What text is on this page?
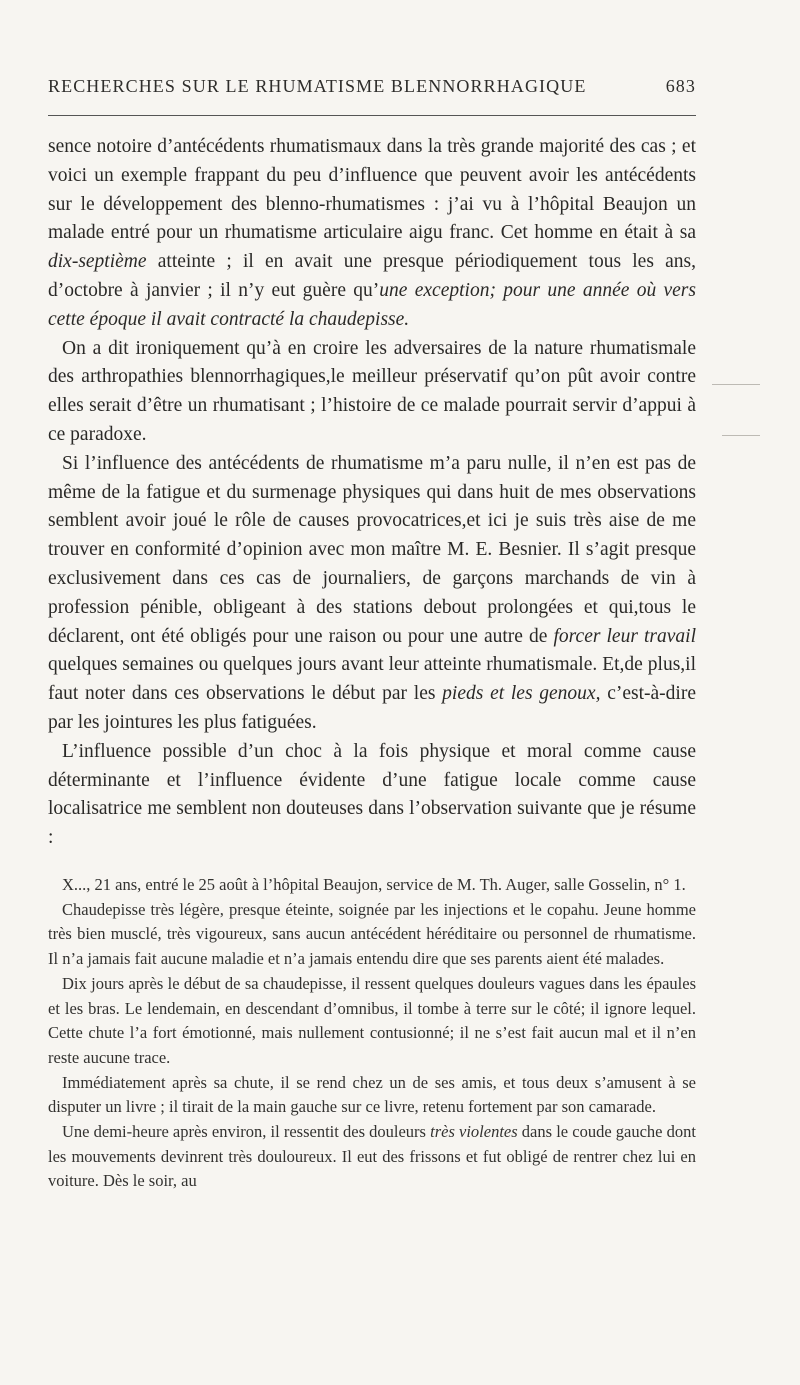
RECHERCHES SUR LE RHUMATISME BLENNORRHAGIQUE	683

sence notoire d’antécédents rhumatismaux dans la très grande majorité des cas ; et voici un exemple frappant du peu d’influence que peuvent avoir les antécédents sur le développement des blenno-rhumatismes : j’ai vu à l’hôpital Beaujon un malade entré pour un rhumatisme articulaire aigu franc. Cet homme en était à sa dix-septième atteinte ; il en avait une presque périodiquement tous les ans, d’octobre à janvier ; il n’y eut guère qu’une exception; pour une année où vers cette époque il avait contracté la chaudepisse.

On a dit ironiquement qu’à en croire les adversaires de la nature rhumatismale des arthropathies blennorrhagiques,le meilleur préservatif qu’on pût avoir contre elles serait d’être un rhumatisant ; l’histoire de ce malade pourrait servir d’appui à ce paradoxe.

Si l’influence des antécédents de rhumatisme m’a paru nulle, il n’en est pas de même de la fatigue et du surmenage physiques qui dans huit de mes observations semblent avoir joué le rôle de causes provocatrices,et ici je suis très aise de me trouver en conformité d’opinion avec mon maître M. E. Besnier. Il s’agit presque exclusivement dans ces cas de journaliers, de garçons marchands de vin à profession pénible, obligeant à des stations debout prolongées et qui,tous le déclarent, ont été obligés pour une raison ou pour une autre de forcer leur travail quelques semaines ou quelques jours avant leur atteinte rhumatismale. Et,de plus,il faut noter dans ces observations le début par les pieds et les genoux, c’est-à-dire par les jointures les plus fatiguées.

L’influence possible d’un choc à la fois physique et moral comme cause déterminante et l’influence évidente d’une fatigue locale comme cause localisatrice me semblent non douteuses dans l’observation suivante que je résume :

X..., 21 ans, entré le 25 août à l’hôpital Beaujon, service de M. Th. Auger, salle Gosselin, n° 1.

Chaudepisse très légère, presque éteinte, soignée par les injections et le copahu. Jeune homme très bien musclé, très vigoureux, sans aucun antécédent héréditaire ou personnel de rhumatisme. Il n’a jamais fait aucune maladie et n’a jamais entendu dire que ses parents aient été malades.

Dix jours après le début de sa chaudepisse, il ressent quelques douleurs vagues dans les épaules et les bras. Le lendemain, en descendant d’omnibus, il tombe à terre sur le côté; il ignore lequel. Cette chute l’a fort émotionné, mais nullement contusionné; il ne s’est fait aucun mal et il n’en reste aucune trace.

Immédiatement après sa chute, il se rend chez un de ses amis, et tous deux s’amusent à se disputer un livre ; il tirait de la main gauche sur ce livre, retenu fortement par son camarade.

Une demi-heure après environ, il ressentit des douleurs très violentes dans le coude gauche dont les mouvements devinrent très douloureux. Il eut des frissons et fut obligé de rentrer chez lui en voiture. Dès le soir, au
